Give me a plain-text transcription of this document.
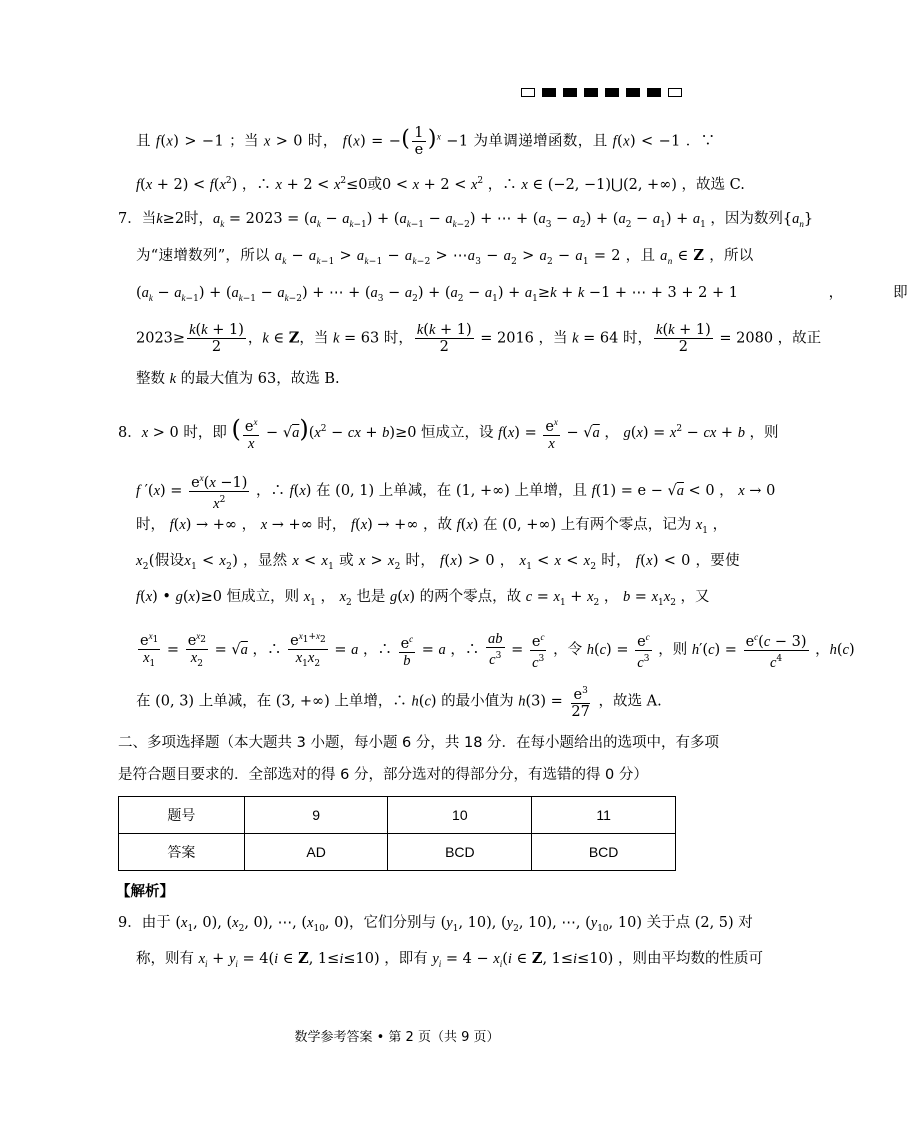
且 f(x) > −1 ；当 x > 0 时， f(x) = −( $\frac{1}{e} )^x -1$ 为单调递增函数，且 f(x) < −1 ．∵
$f(x + 2) < f(x^2)$ ，∴ $x + 2 < x^2\le 0$或$0 < x + 2 < x^2$ ，∴ x ∈ (−2, −1)⋃(2, +∞) ，故选 C.
7．当k≥2时，$a_k = 2023 = (a_k - a_{k-1}) + (a_{k-1} - a_{k-2})$ + ⋯ + $(a_3 - a_2) + (a_2 - a_1) + a_1$ ，因为数列$\{a_n\}$
为“速增数列”，所以 $a_k - a_{k-1} > a_{k-1} - a_{k-2}$ > $\cdots a_3 - a_2 > a_2 - a_1 = 2$ ，且 $a_n$ ∈ Z ，所以
$(a_k - a_{k-1}) + (a_{k-1} - a_{k-2})$ + ⋯ + $(a_3 - a_2) + (a_2 - a_1) + a_1\ge k + k -1$ + ⋯ + 3 + 2 + 1	，	即
$2023\ge \frac{k(k + 1)}{2}$ ，k ∈ Z，当 k = 63 时， $\frac{k(k + 1)}{2} = 2016$ ，当 k = 64 时， $\frac{k(k + 1)}{2} = 2080$ ，故正
整数 k 的最大值为 63，故选 B.
8．x > 0 时，即 ( $\frac{e^x}{x} - √a)(x^2$ − cx + b)≥0 恒成立，设 $f(x) = \frac{e^x}{x} - √a$ ， $g(x) = x^2$ − cx + b ，则
f $'(x) = \frac{e^x(x -1)}{x^2}$ ，∴ f(x) 在 (0, 1) 上单减，在 (1, +∞) 上单增，且 f(1) = e − √a < 0 ， x → 0
时， f(x) → +∞ ， x → +∞ 时， f(x) → +∞ ，故 f(x) 在 (0, +∞) 上有两个零点，记为 $x_1$ ，
$x_2$(假设$x_1 < x_2$) ，显然 $x < x_1$ 或 $x > x_2$ 时， f(x) > 0 ， $x_1 < x < x_2$ 时， f(x) < 0 ，要使
f(x) • g(x)≥0 恒成立，则 $x_1$ ， $x_2$ 也是 g(x) 的两个零点，故 $c = x_1 + x_2$ ， $b = x_1x_2$ ，又
$\frac{e^{x_1}}{x_1} = \frac{e^{x_2}}{x_2} = √a$ ，∴ $\frac{e^{x_1+x_2}}{x_1x_2} = a$ ，∴ $\frac{e^c}{b} = a$ ，∴ $\frac{ab}{c^3} = \frac{e^c}{c^3}$ ，令 $h(c) = \frac{e^c}{c^3}$ ，则 $h'(c) = \frac{e^c(c - 3)}{c^4}$ ，h(c)
在 (0, 3) 上单减，在 (3, +∞) 上单增，∴ h(c) 的最小值为 $h(3) = \frac{e^3}{27}$ ，故选 A.
二、多项选择题（本大题共 3 小题，每小题 6 分，共 18 分．在每小题给出的选项中，有多项
是符合题目要求的．全部选对的得 6 分，部分选对的得部分分，有选错的得 0 分）
题号	9	10	11
答案	AD	BCD	BCD
【解析】
9．由于 ($x_1$, 0), ($x_2$, 0), ⋯, ($x_{10}$, 0)，它们分别与 ($y_1$, 10), ($y_2$, 10), ⋯, ($y_{10}$, 10) 关于点 (2, 5) 对
称，则有 $x_i + y_i = 4(i$ ∈ Z, 1≤i≤10) ，即有 $y_i = 4 - x_i(i$ ∈ Z, 1≤i≤10) ，则由平均数的性质可
数学参考答案 • 第 2 页（共 9 页）
